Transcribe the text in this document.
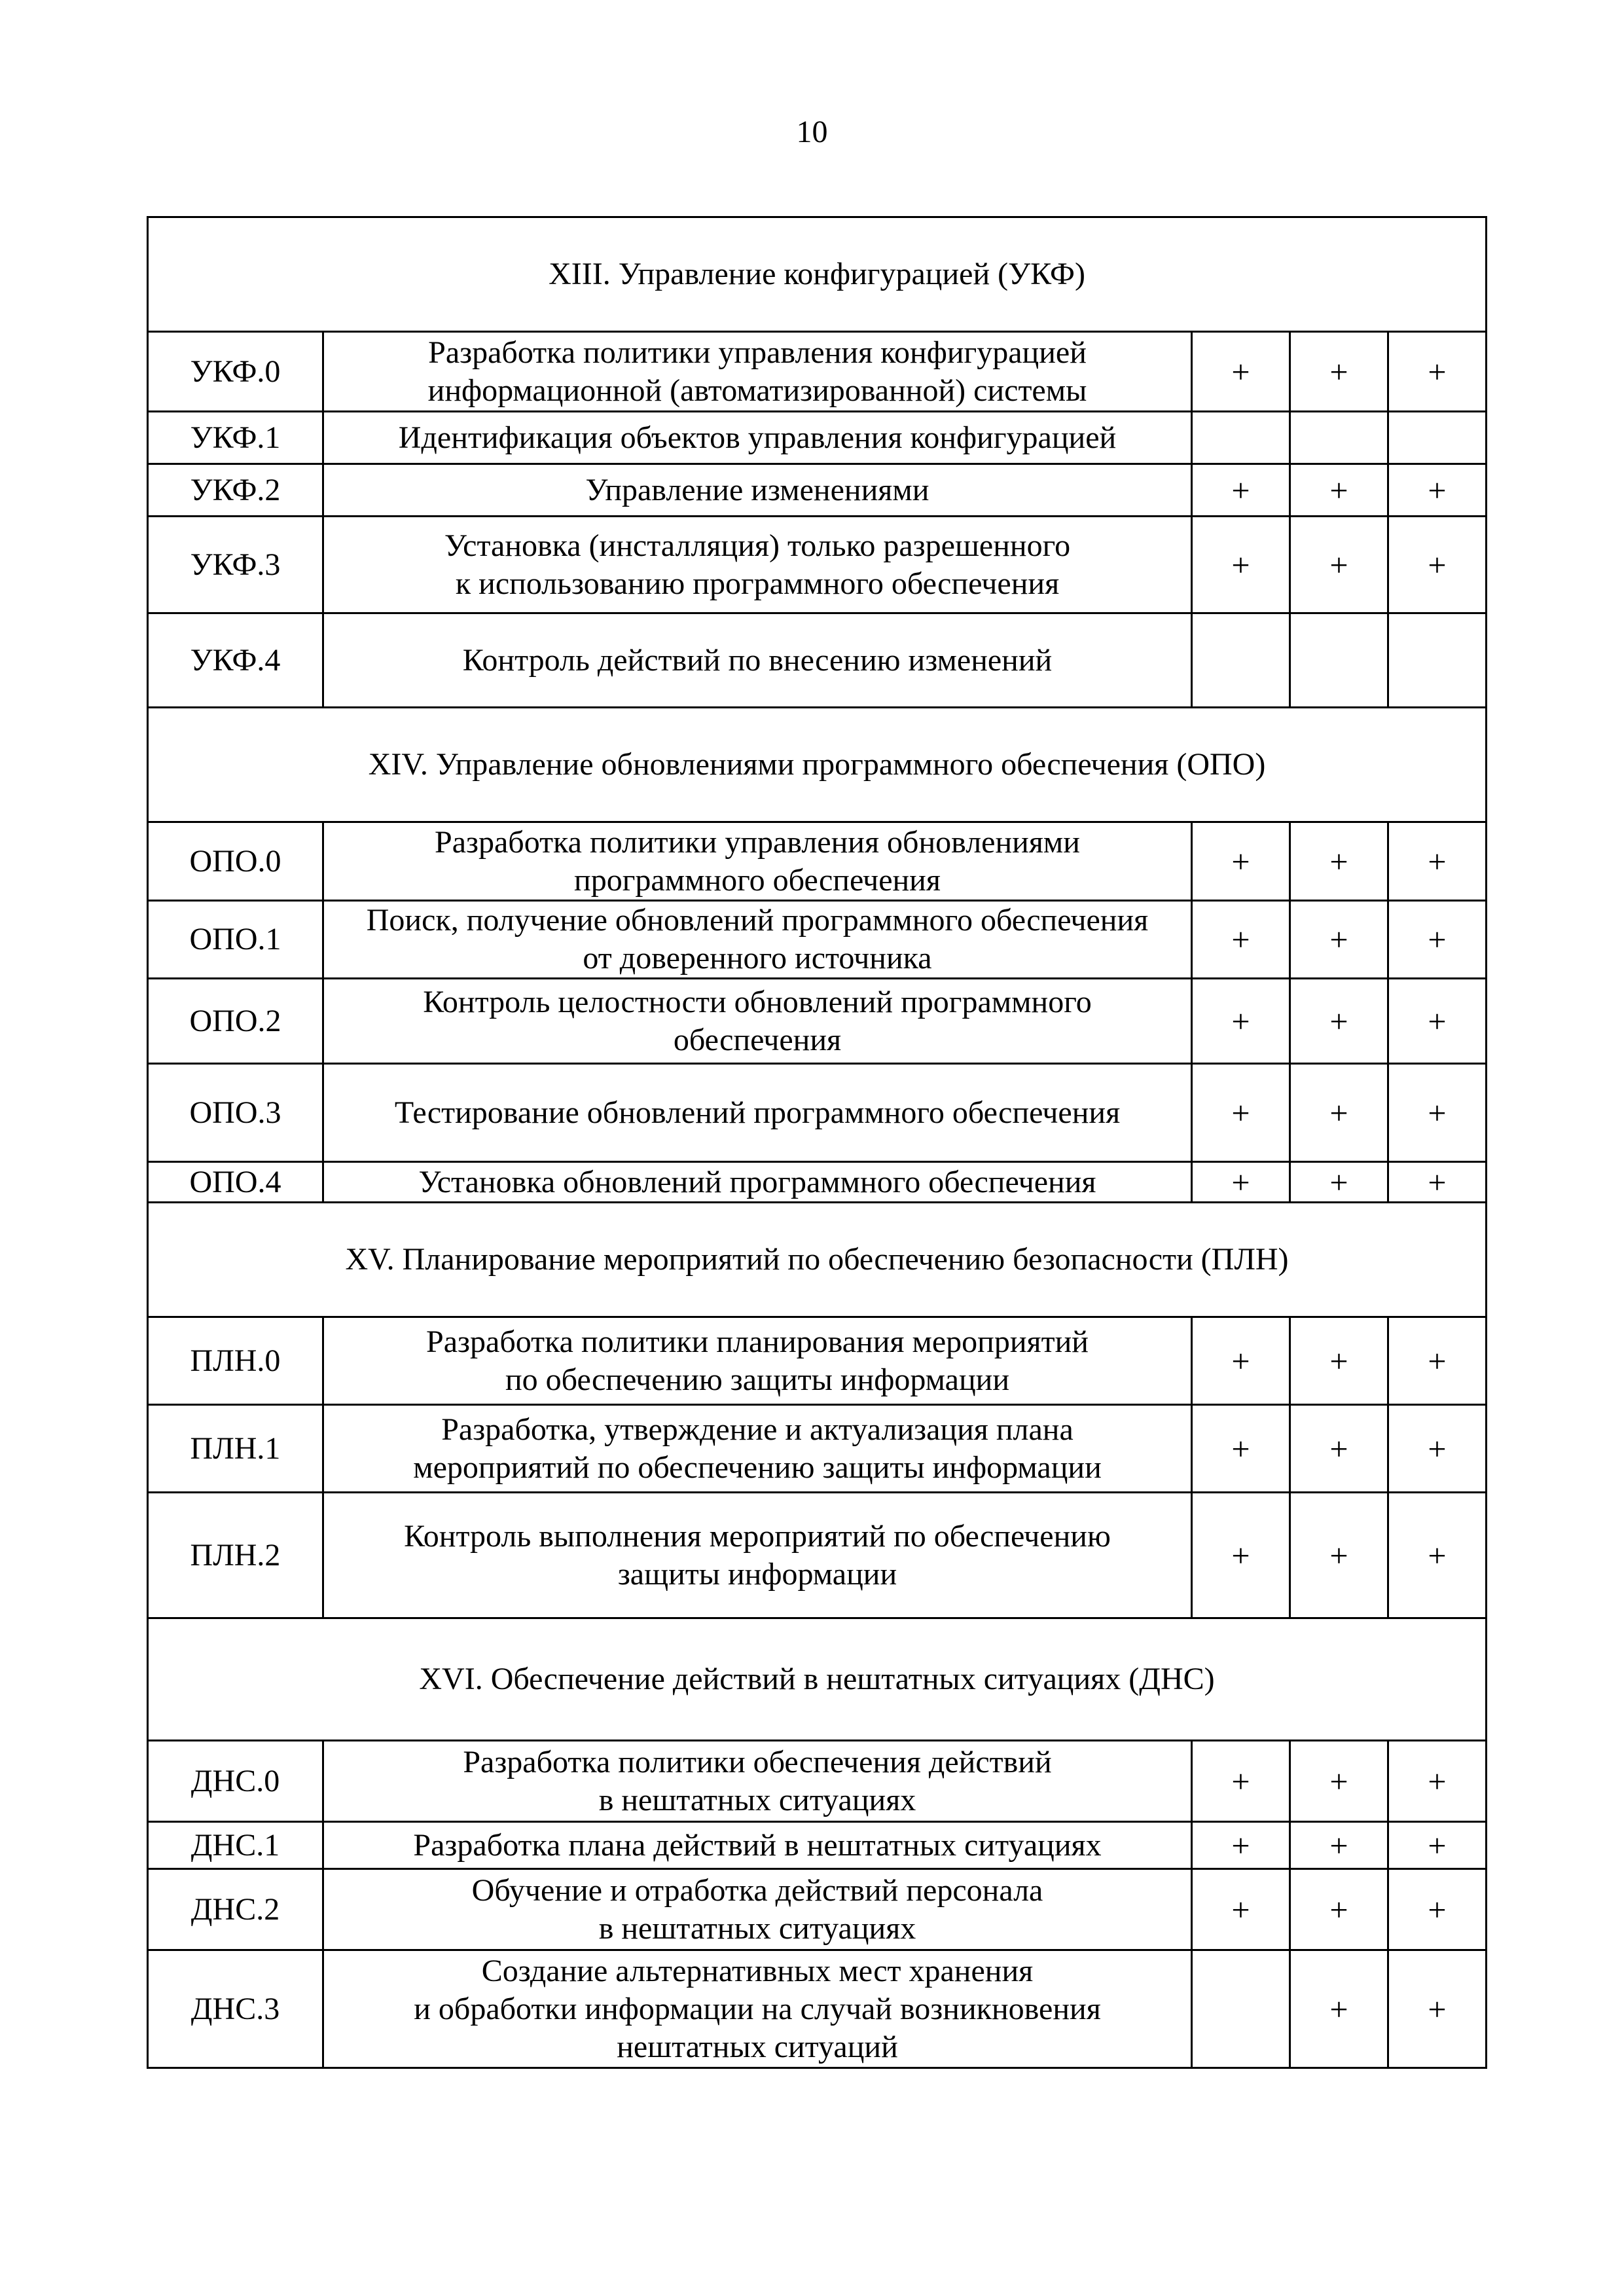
10
XIII. Управление конфигурацией (УКФ)				
УКФ.0	Разработка политики управления конфигурацией
информационной (автоматизированной) системы	+	+	+
УКФ.1	Идентификация объектов управления конфигурацией			
УКФ.2	Управление изменениями	+	+	+
УКФ.3	Установка (инсталляция) только разрешенного
к использованию программного обеспечения	+	+	+
УКФ.4	Контроль действий по внесению изменений			
XIV. Управление обновлениями программного обеспечения (ОПО)				
ОПО.0	Разработка политики управления обновлениями
программного обеспечения	+	+	+
ОПО.1	Поиск, получение обновлений программного обеспечения
от доверенного источника	+	+	+
ОПО.2	Контроль целостности обновлений программного
обеспечения	+	+	+
ОПО.3	Тестирование обновлений программного обеспечения	+	+	+
ОПО.4	Установка обновлений программного обеспечения	+	+	+
XV. Планирование мероприятий по обеспечению безопасности (ПЛН)				
ПЛН.0	Разработка политики планирования мероприятий
по обеспечению защиты информации	+	+	+
ПЛН.1	Разработка, утверждение и актуализация плана
мероприятий по обеспечению защиты информации	+	+	+
ПЛН.2	Контроль выполнения мероприятий по обеспечению
защиты информации	+	+	+
XVI. Обеспечение действий в нештатных ситуациях (ДНС)				
ДНС.0	Разработка политики обеспечения действий
в нештатных ситуациях	+	+	+
ДНС.1	Разработка плана действий в нештатных ситуациях	+	+	+
ДНС.2	Обучение и отработка действий персонала
в нештатных ситуациях	+	+	+
ДНС.3	Создание альтернативных мест хранения
и обработки информации на случай возникновения
нештатных ситуаций		+	+
